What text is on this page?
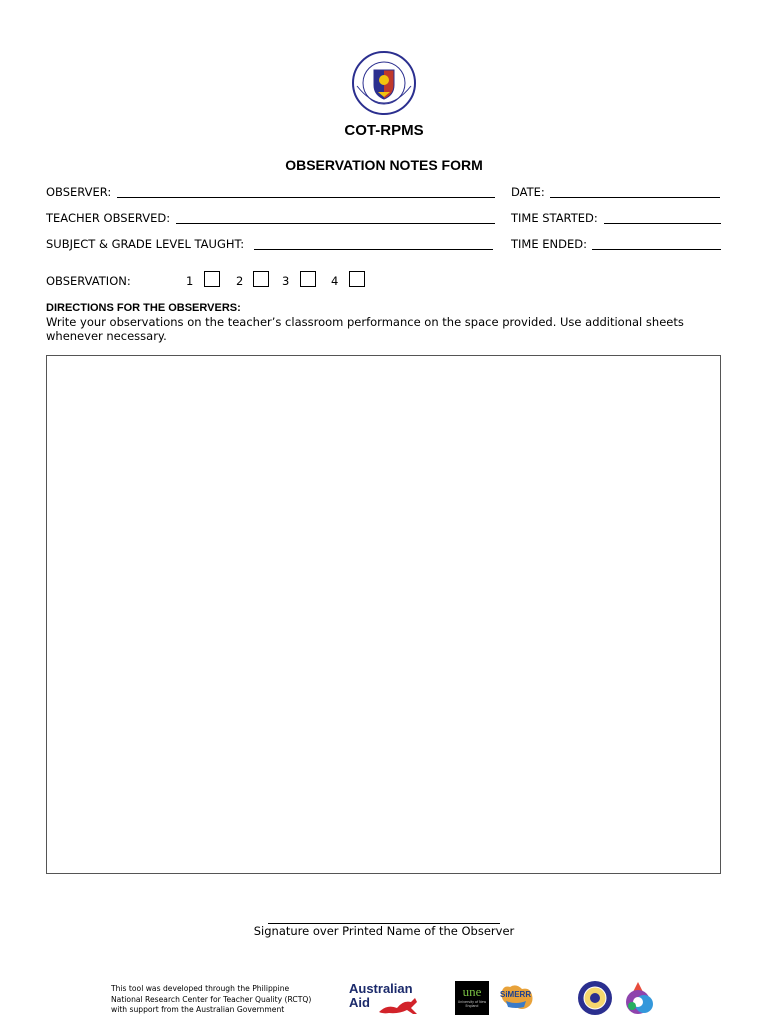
COT-RPMS
OBSERVATION NOTES FORM
OBSERVER:	DATE:
TEACHER OBSERVED:	TIME STARTED:
SUBJECT & GRADE LEVEL TAUGHT:	TIME ENDED:
OBSERVATION:	1	2	3	4
DIRECTIONS FOR THE OBSERVERS:
Write your observations on the teacher’s classroom performance on the space provided. Use additional sheets whenever necessary.
Signature over Printed Name of the Observer
This tool was developed through the Philippine
National Research Center for Teacher Quality (RCTQ)
with support from the Australian Government
Australian
Aid
une
University of New England
SiMERR
